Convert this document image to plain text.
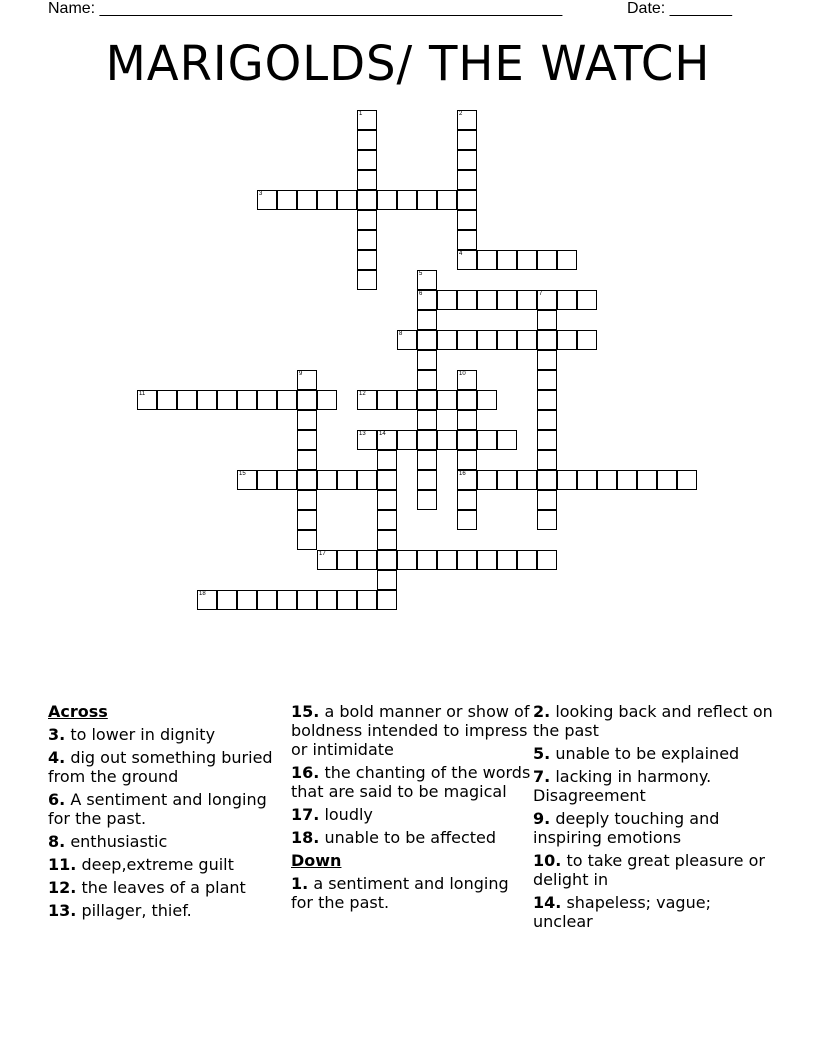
Name: ____________________________________________________	Date: _______
MARIGOLDS/ THE WATCH
1	2
4
3
5
6	7
8
9	10
16
11	12
13 14
15
17
18
Across
3. to lower in dignity
4. dig out something buried from the ground
6. A sentiment and longing for the past.
8. enthusiastic
11. deep,extreme guilt
12. the leaves of a plant
13. pillager, thief.
15. a bold manner or show of boldness intended to impress or intimidate
16. the chanting of the words that are said to be magical
17. loudly
18. unable to be affected
Down
1. a sentiment and longing for the past.
2. looking back and reflect on the past
5. unable to be explained
7. lacking in harmony. Disagreement
9. deeply touching and inspiring emotions
10. to take great pleasure or delight in
14. shapeless; vague; unclear
